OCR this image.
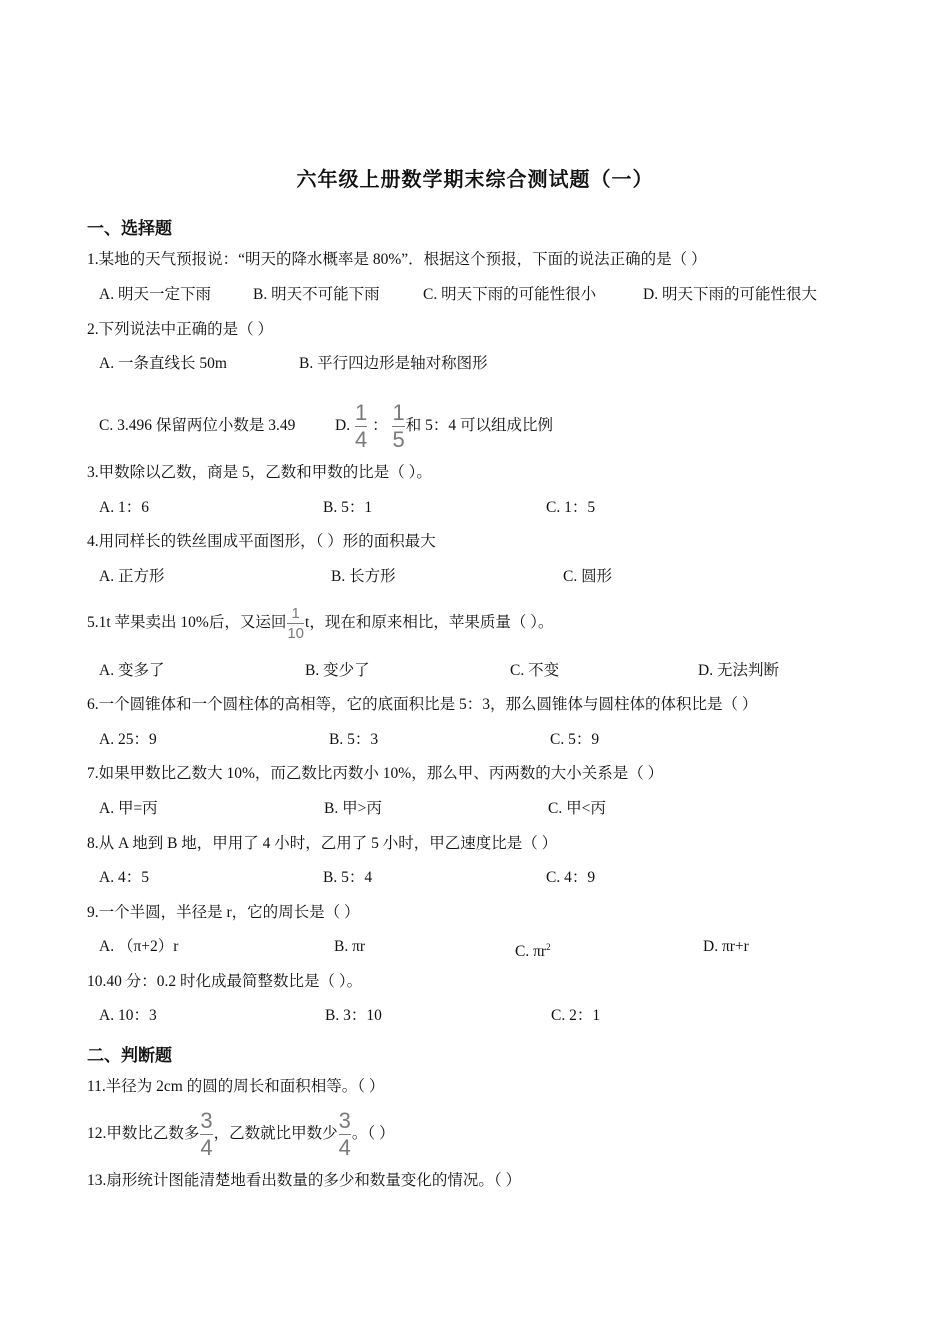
六年级上册数学期末综合测试题（一）
一、选择题
1.某地的天气预报说：“明天的降水概率是 80%”．根据这个预报，下面的说法正确的是（ ）
A. 明天一定下雨	B. 明天不可能下雨	C. 明天下雨的可能性很小	D. 明天下雨的可能性很大
2.下列说法中正确的是（ ）
A. 一条直线长 50m	B. 平行四边形是轴对称图形
C. 3.496 保留两位小数是 3.49	D. $\frac{1}{4}$ ： $\frac{1}{5}$ 和 5：4 可以组成比例
3.甲数除以乙数，商是 5，乙数和甲数的比是（ ）。
A. 1：6	B. 5：1	C. 1：5
4.用同样长的铁丝围成平面图形，（ ）形的面积最大
A. 正方形	B. 长方形	C. 圆形
5.1t 苹果卖出 10%后，又运回 $\frac{1}{10}$ t，现在和原来相比，苹果质量（ ）。
A. 变多了	B. 变少了	C. 不变	D. 无法判断
6.一个圆锥体和一个圆柱体的高相等，它的底面积比是 5：3，那么圆锥体与圆柱体的体积比是（ ）
A. 25：9	B. 5：3	C. 5：9
7.如果甲数比乙数大 10%，而乙数比丙数小 10%，那么甲、丙两数的大小关系是（ ）
A. 甲=丙	B. 甲>丙	C. 甲<丙
8.从 A 地到 B 地，甲用了 4 小时，乙用了 5 小时，甲乙速度比是（ ）
A. 4：5	B. 5：4	C. 4：9
9.一个半圆，半径是 r，它的周长是（ ）
A. （π+2）r	B. πr	C. $\pi r^2$	D. πr+r
10.40 分：0.2 时化成最简整数比是（ ）。
A. 10：3	B. 3：10	C. 2：1
二、判断题
11.半径为 2cm 的圆的周长和面积相等。（ ）
12.甲数比乙数多 $\frac{3}{4}$ ，乙数就比甲数少 $\frac{3}{4}$ 。（ ）
13.扇形统计图能清楚地看出数量的多少和数量变化的情况。（ ）
